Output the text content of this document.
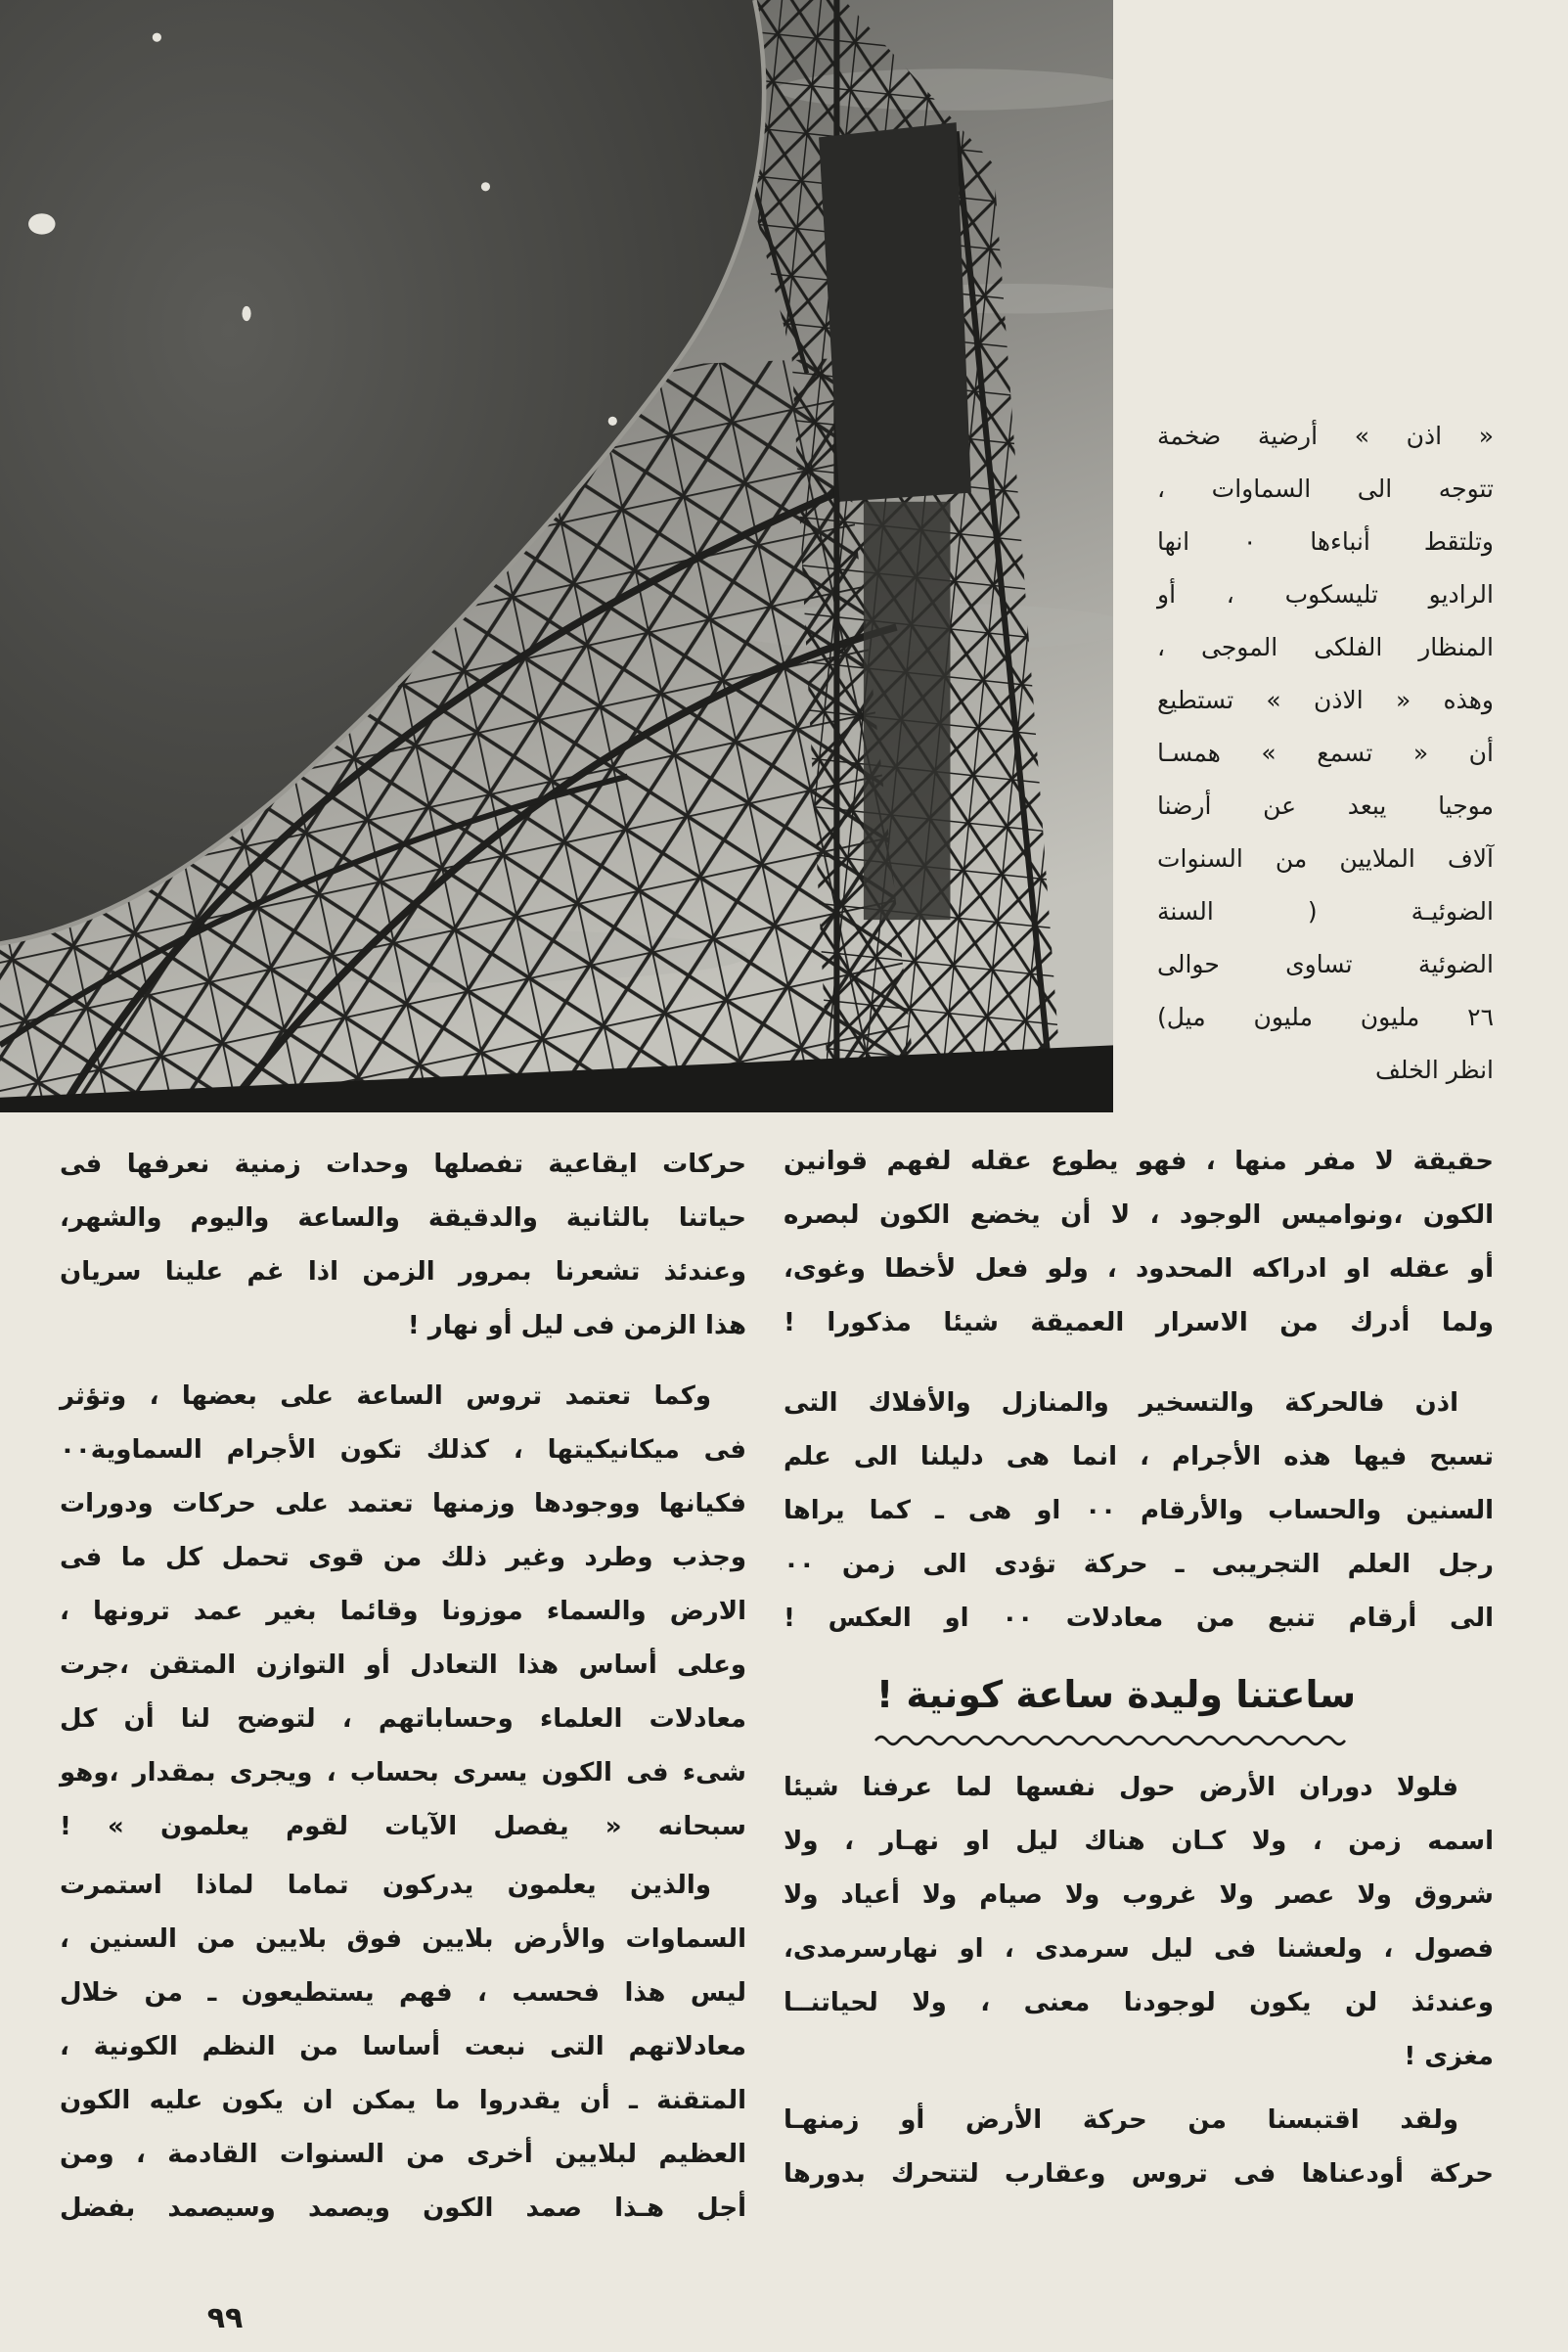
« اذن » أرضية ضخمة
تتوجه الى السماوات ،
وتلتقط أنباءها ٠ انها
الراديو تليسكوب ، أو
المنظار الفلكى الموجى ،
وهذه « الاذن » تستطيع
أن « تسمع » همسـا
موجيا يبعد عن أرضنا
آلاف الملايين من السنوات
الضوئيـة ( السنة
الضوئية تساوى حوالى
٢٦ مليون مليون ميل)
انظر الخلف
حقيقة لا مفر منها ، فهو يطوع عقله لفهم قوانين
الكون ،ونواميس الوجود ، لا أن يخضع الكون لبصره
أو عقله او ادراكه المحدود ، ولو فعل لأخطا وغوى،
ولما أدرك من الاسرار العميقة شيئا مذكورا !
اذن فالحركة والتسخير والمنازل والأفلاك التى
تسبح فيها هذه الأجرام ، انما هى دليلنا الى علم
السنين والحساب والأرقام ٠٠ او هى ـ كما يراها
رجل العلم التجريبى ـ حركة تؤدى الى زمن ٠٠
الى أرقام تنبع من معادلات ٠٠ او العكس !
ساعتنا وليدة ساعة كونية !
فلولا دوران الأرض حول نفسها لما عرفنا شيئا
اسمه زمن ، ولا كـان هناك ليل او نهـار ، ولا
شروق ولا عصر ولا غروب ولا صيام ولا أعياد ولا
فصول ، ولعشنا فى ليل سرمدى ، او نهارسرمدى،
وعندئذ لن يكون لوجودنا معنى ، ولا لحياتنــا
مغزى !
ولقد اقتبسنا من حركة الأرض أو زمنهـا
حركة أودعناها فى تروس وعقارب لتتحرك بدورها
حركات ايقاعية تفصلها وحدات زمنية نعرفها فى
حياتنا بالثانية والدقيقة والساعة واليوم والشهر،
وعندئذ تشعرنا بمرور الزمن اذا غم علينا سريان
هذا الزمن فى ليل أو نهار !
وكما تعتمد تروس الساعة على بعضها ، وتؤثر
فى ميكانيكيتها ، كذلك تكون الأجرام السماوية٠٠
فكيانها ووجودها وزمنها تعتمد على حركات ودورات
وجذب وطرد وغير ذلك من قوى تحمل كل ما فى
الارض والسماء موزونا وقائما بغير عمد ترونها ،
وعلى أساس هذا التعادل أو التوازن المتقن ،جرت
معادلات العلماء وحساباتهم ، لتوضح لنا أن كل
شىء فى الكون يسرى بحساب ، ويجرى بمقدار ،وهو
سبحانه « يفصل الآيات لقوم يعلمون » !
والذين يعلمون يدركون تماما لماذا استمرت
السماوات والأرض بلايين فوق بلايين من السنين ،
ليس هذا فحسب ، فهم يستطيعون ـ من خلال
معادلاتهم التى نبعت أساسا من النظم الكونية ،
المتقنة ـ أن يقدروا ما يمكن ان يكون عليه الكون
العظيم لبلايين أخرى من السنوات القادمة ، ومن
أجل هـذا صمد الكون ويصمد وسيصمد بفضل
٩٩
